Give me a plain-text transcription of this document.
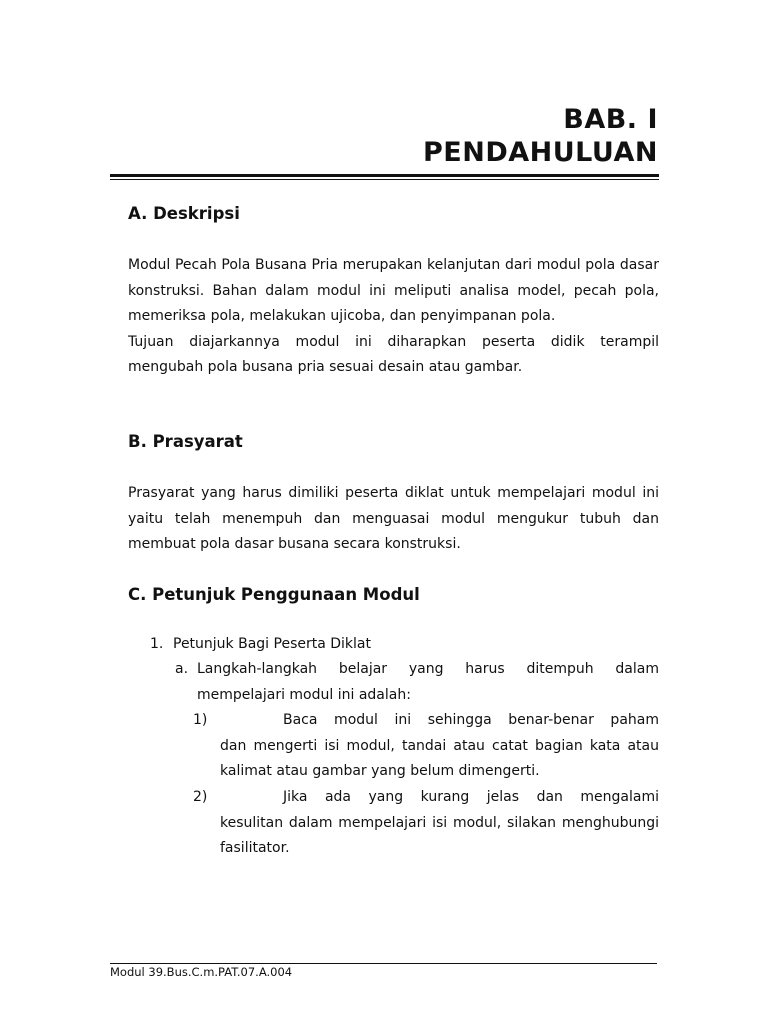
BAB. I
PENDAHULUAN

A. Deskripsi

Modul Pecah Pola Busana Pria merupakan kelanjutan dari modul pola dasar konstruksi. Bahan dalam modul ini meliputi analisa model, pecah pola, memeriksa pola, melakukan ujicoba, dan penyimpanan pola.

Tujuan diajarkannya modul ini diharapkan peserta didik terampil mengubah pola busana pria sesuai desain atau gambar.

B. Prasyarat

Prasyarat yang harus dimiliki peserta diklat untuk mempelajari modul ini yaitu telah menempuh dan menguasai modul mengukur tubuh dan membuat pola dasar busana secara konstruksi.

C. Petunjuk Penggunaan Modul

1. Petunjuk Bagi Peserta Diklat
a. Langkah-langkah belajar yang harus ditempuh dalam
mempelajari modul ini adalah:
1)	Baca modul ini sehingga benar-benar paham
dan mengerti isi modul, tandai atau catat bagian kata atau kalimat atau gambar yang belum dimengerti.
2)	Jika ada yang kurang jelas dan mengalami
kesulitan dalam mempelajari isi modul, silakan menghubungi fasilitator.
Modul 39.Bus.C.m.PAT.07.A.004
